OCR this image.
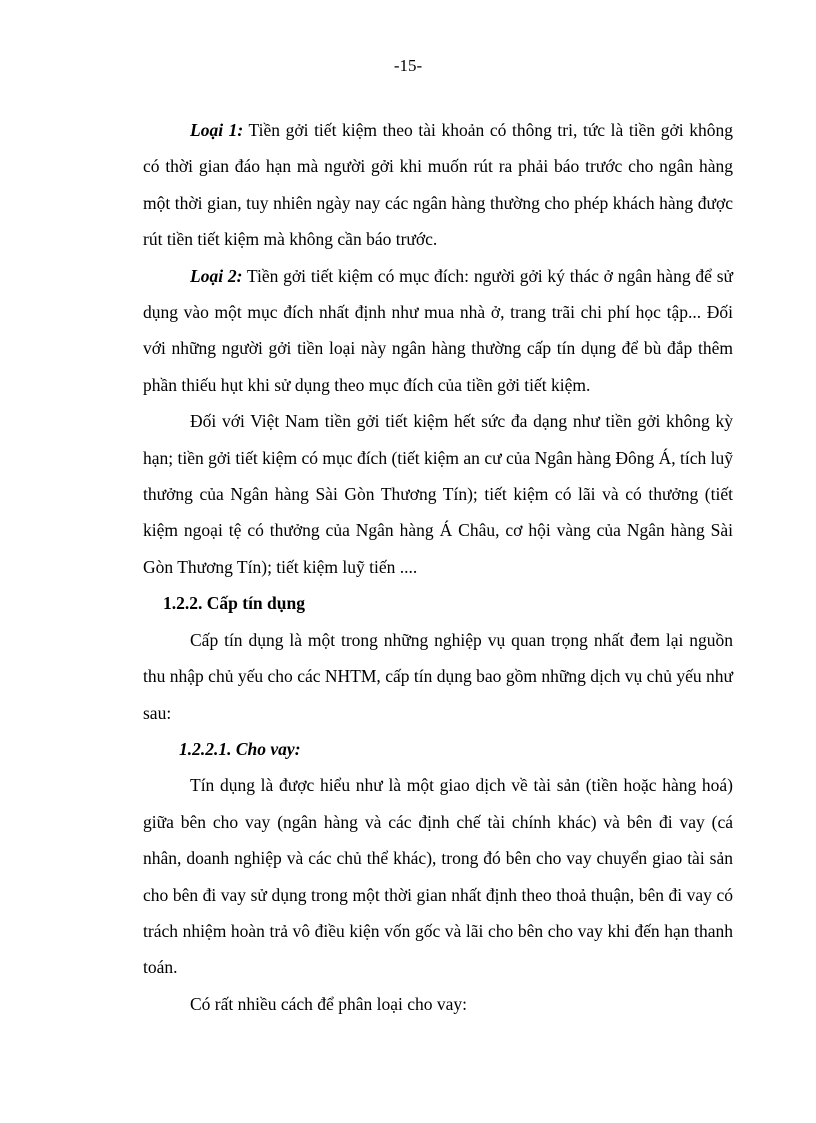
-15-

Loại 1: Tiền gởi tiết kiệm theo tài khoản có thông tri, tức là tiền gởi không có thời gian đáo hạn mà người gởi khi muốn rút ra phải báo trước cho ngân hàng một thời gian, tuy nhiên ngày nay các ngân hàng thường cho phép khách hàng được rút tiền tiết kiệm mà không cần báo trước.

Loại 2: Tiền gởi tiết kiệm có mục đích: người gởi ký thác ở ngân hàng để sử dụng vào một mục đích nhất định như mua nhà ở, trang trãi chi phí học tập... Đối với những người gởi tiền loại này ngân hàng thường cấp tín dụng để bù đắp thêm phần thiếu hụt khi sử dụng theo mục đích của tiền gởi tiết kiệm.

Đối với Việt Nam tiền gởi tiết kiệm hết sức đa dạng như tiền gởi không kỳ hạn; tiền gởi tiết kiệm có mục đích (tiết kiệm an cư của Ngân hàng Đông Á, tích luỹ thưởng của Ngân hàng Sài Gòn Thương Tín); tiết kiệm có lãi và có thưởng (tiết kiệm ngoại tệ có thưởng của Ngân hàng Á Châu, cơ hội vàng của Ngân hàng Sài Gòn Thương Tín); tiết kiệm luỹ tiến ....

1.2.2. Cấp tín dụng

Cấp tín dụng là một trong những nghiệp vụ quan trọng nhất đem lại nguồn thu nhập chủ yếu cho các NHTM, cấp tín dụng bao gồm những dịch vụ chủ yếu như sau:

1.2.2.1. Cho vay:

Tín dụng là được hiểu như là một giao dịch về tài sản (tiền hoặc hàng hoá) giữa bên cho vay (ngân hàng và các định chế tài chính khác) và bên đi vay (cá nhân, doanh nghiệp và các chủ thể khác), trong đó bên cho vay chuyển giao tài sản cho bên đi vay sử dụng trong một thời gian nhất định theo thoả thuận, bên đi vay có trách nhiệm hoàn trả vô điều kiện vốn gốc và lãi cho bên cho vay khi đến hạn thanh toán.

Có rất nhiều cách để phân loại cho vay:
